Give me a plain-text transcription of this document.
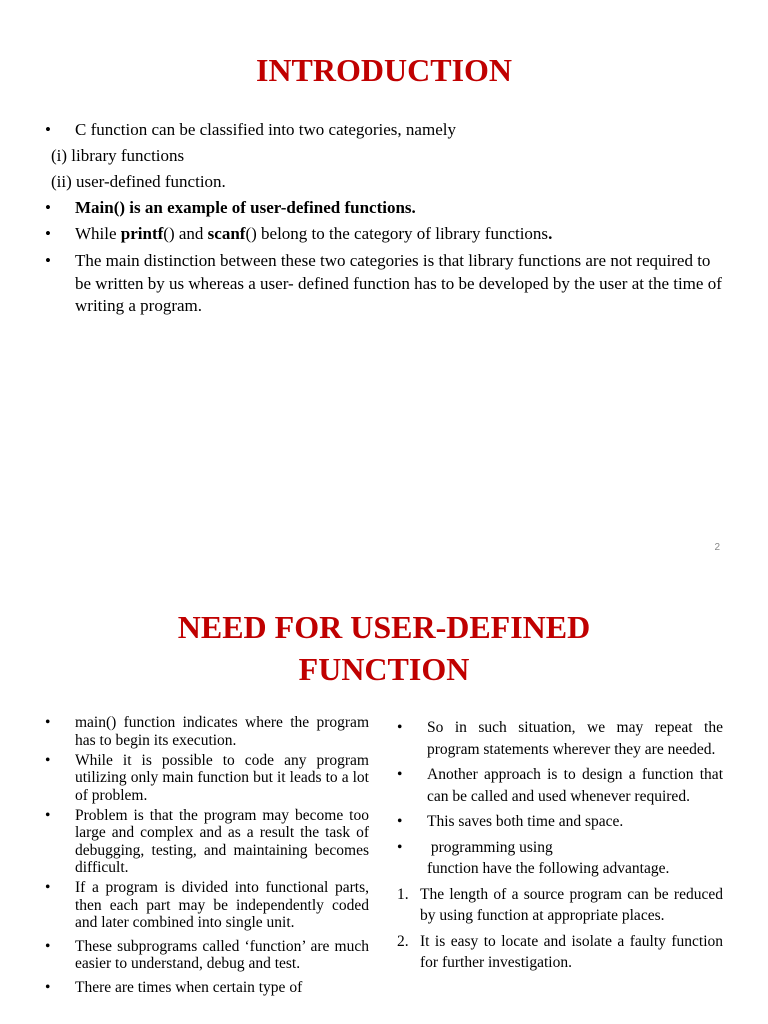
INTRODUCTION
• C function can be classified into two categories, namely
(i) library functions
(ii) user-defined function.
• Main() is an example of user-defined functions.
• While printf() and scanf() belong to the category of library functions.
• The main distinction between these two categories is that library functions are not required to be written by us whereas a user- defined function has to be developed by the user at the time of writing a program.
2
NEED FOR USER-DEFINED
FUNCTION
• main() function indicates where the program has to begin its execution.
• While it is possible to code any program utilizing only main function but it leads to a lot of problem.
• Problem is that the program may become too large and complex and as a result the task of debugging, testing, and maintaining becomes difficult.
• If a program is divided into functional parts, then each part may be independently coded and later combined into single unit.
• These subprograms called ‘function’ are much easier to understand, debug and test.
• There are times when certain type of
• So in such situation, we may repeat the program statements wherever they are needed.
• Another approach is to design a function that can be called and used whenever required.
• This saves both time and space.
• programming using
function have the following advantage.
1. The length of a source program can be reduced by using function at appropriate places.
2. It is easy to locate and isolate a faulty function for further investigation.
